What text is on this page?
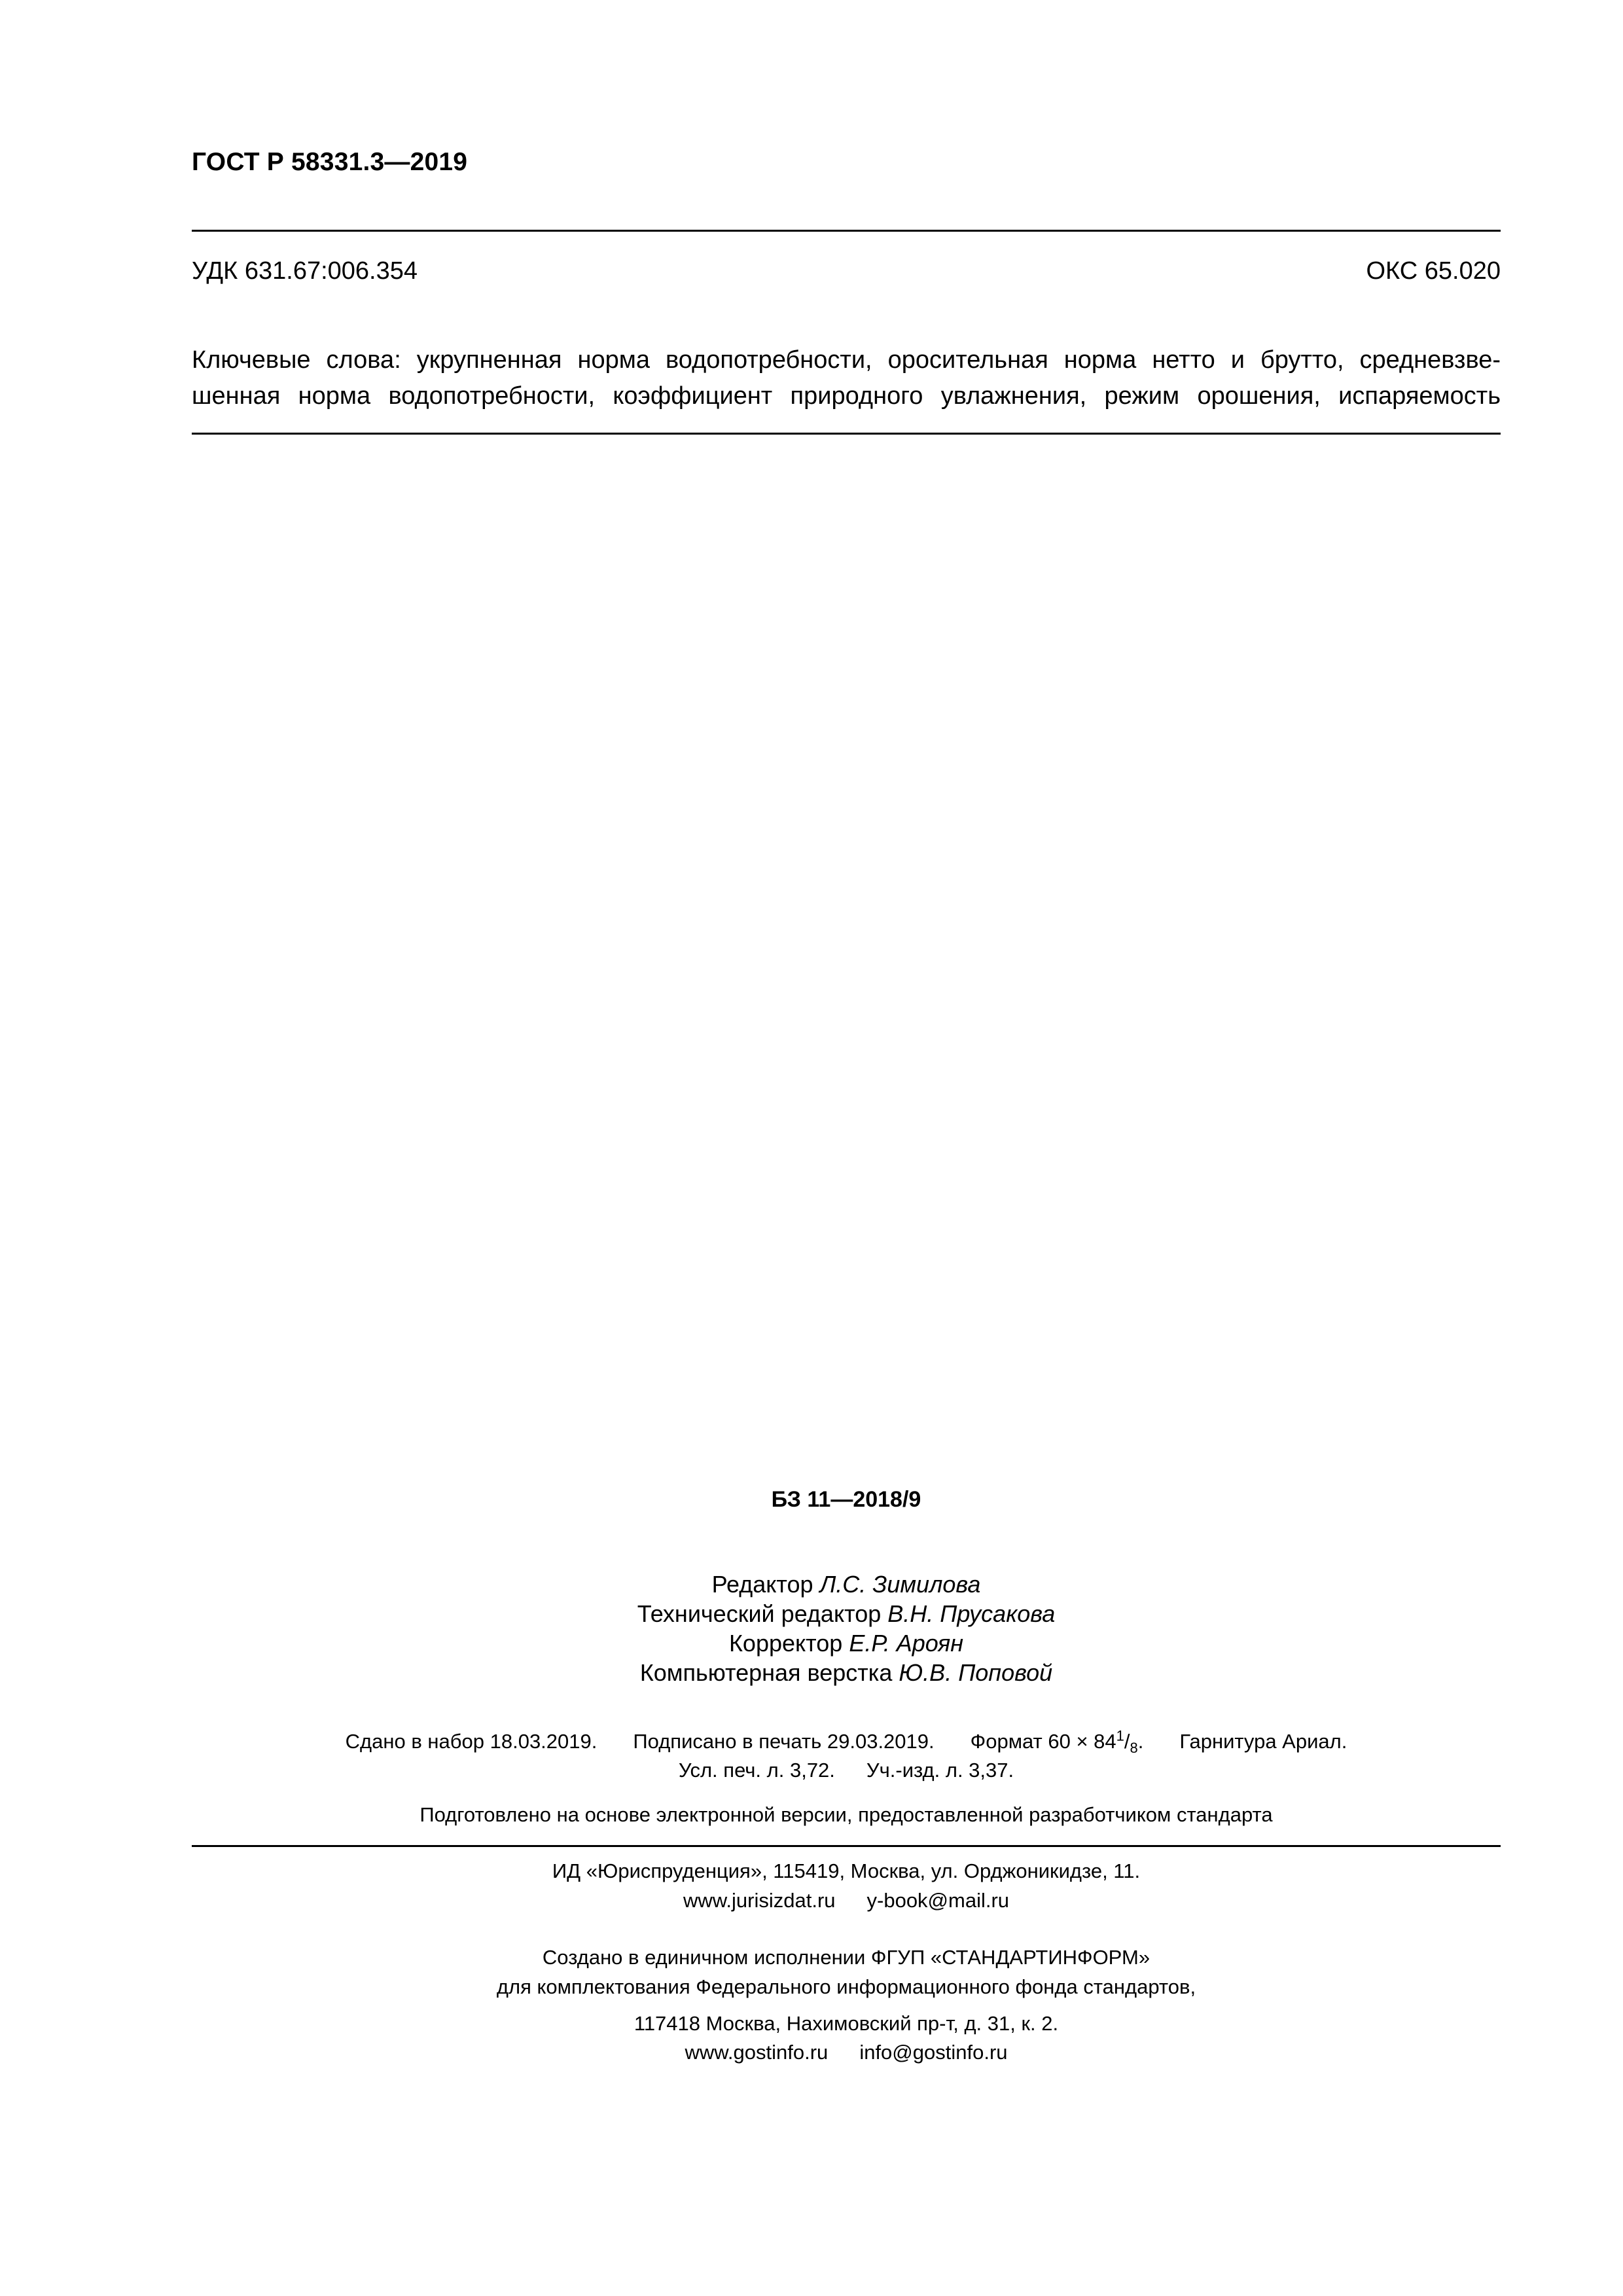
ГОСТ Р 58331.3—2019
УДК 631.67:006.354	ОКС 65.020
Ключевые слова: укрупненная норма водопотребности, оросительная норма нетто и брутто, средневзве-
шенная норма водопотребности, коэффициент природного увлажнения, режим орошения, испаряемость
БЗ 11—2018/9
Редактор Л.С. Зимилова
Технический редактор В.Н. Прусакова
Корректор Е.Р. Ароян
Компьютерная верстка Ю.В. Поповой
Сдано в набор 18.03.2019. Подписано в печать 29.03.2019. Формат $60 \times 84^1/_8$. Гарнитура Ариал.
Усл. печ. л. 3,72. Уч.-изд. л. 3,37.
Подготовлено на основе электронной версии, предоставленной разработчиком стандарта
ИД «Юриспруденция», 115419, Москва, ул. Орджоникидзе, 11.
www.jurisizdat.ru y-book@mail.ru
Создано в единичном исполнении ФГУП «СТАНДАРТИНФОРМ»
для комплектования Федерального информационного фонда стандартов,
117418 Москва, Нахимовский пр-т, д. 31, к. 2.
www.gostinfo.ru info@gostinfo.ru
